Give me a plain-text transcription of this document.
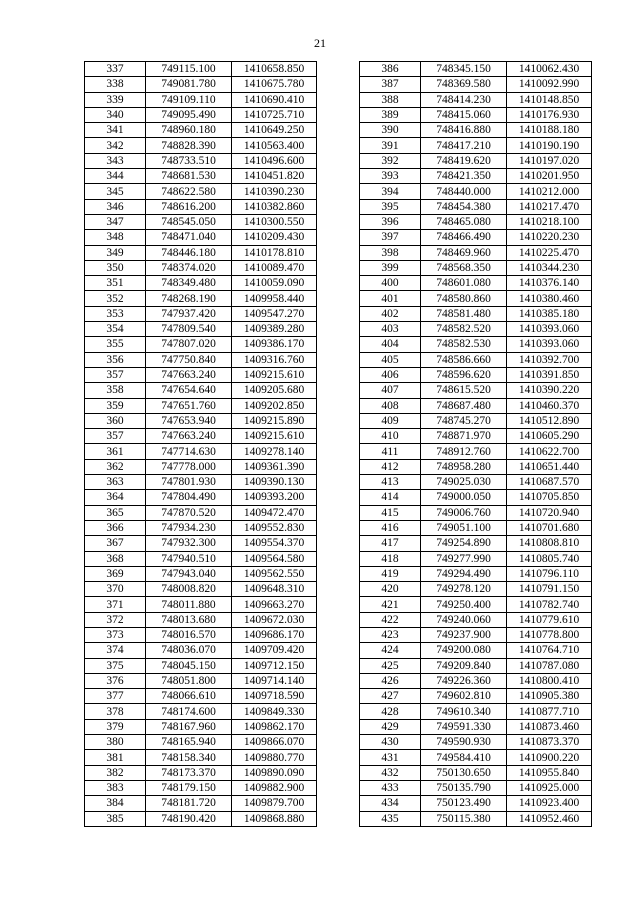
21
337	749115.100	1410658.850
338	749081.780	1410675.780
339	749109.110	1410690.410
340	749095.490	1410725.710
341	748960.180	1410649.250
342	748828.390	1410563.400
343	748733.510	1410496.600
344	748681.530	1410451.820
345	748622.580	1410390.230
346	748616.200	1410382.860
347	748545.050	1410300.550
348	748471.040	1410209.430
349	748446.180	1410178.810
350	748374.020	1410089.470
351	748349.480	1410059.090
352	748268.190	1409958.440
353	747937.420	1409547.270
354	747809.540	1409389.280
355	747807.020	1409386.170
356	747750.840	1409316.760
357	747663.240	1409215.610
358	747654.640	1409205.680
359	747651.760	1409202.850
360	747653.940	1409215.890
357	747663.240	1409215.610
361	747714.630	1409278.140
362	747778.000	1409361.390
363	747801.930	1409390.130
364	747804.490	1409393.200
365	747870.520	1409472.470
366	747934.230	1409552.830
367	747932.300	1409554.370
368	747940.510	1409564.580
369	747943.040	1409562.550
370	748008.820	1409648.310
371	748011.880	1409663.270
372	748013.680	1409672.030
373	748016.570	1409686.170
374	748036.070	1409709.420
375	748045.150	1409712.150
376	748051.800	1409714.140
377	748066.610	1409718.590
378	748174.600	1409849.330
379	748167.960	1409862.170
380	748165.940	1409866.070
381	748158.340	1409880.770
382	748173.370	1409890.090
383	748179.150	1409882.900
384	748181.720	1409879.700
385	748190.420	1409868.880
386	748345.150	1410062.430
387	748369.580	1410092.990
388	748414.230	1410148.850
389	748415.060	1410176.930
390	748416.880	1410188.180
391	748417.210	1410190.190
392	748419.620	1410197.020
393	748421.350	1410201.950
394	748440.000	1410212.000
395	748454.380	1410217.470
396	748465.080	1410218.100
397	748466.490	1410220.230
398	748469.960	1410225.470
399	748568.350	1410344.230
400	748601.080	1410376.140
401	748580.860	1410380.460
402	748581.480	1410385.180
403	748582.520	1410393.060
404	748582.530	1410393.060
405	748586.660	1410392.700
406	748596.620	1410391.850
407	748615.520	1410390.220
408	748687.480	1410460.370
409	748745.270	1410512.890
410	748871.970	1410605.290
411	748912.760	1410622.700
412	748958.280	1410651.440
413	749025.030	1410687.570
414	749000.050	1410705.850
415	749006.760	1410720.940
416	749051.100	1410701.680
417	749254.890	1410808.810
418	749277.990	1410805.740
419	749294.490	1410796.110
420	749278.120	1410791.150
421	749250.400	1410782.740
422	749240.060	1410779.610
423	749237.900	1410778.800
424	749200.080	1410764.710
425	749209.840	1410787.080
426	749226.360	1410800.410
427	749602.810	1410905.380
428	749610.340	1410877.710
429	749591.330	1410873.460
430	749590.930	1410873.370
431	749584.410	1410900.220
432	750130.650	1410955.840
433	750135.790	1410925.000
434	750123.490	1410923.400
435	750115.380	1410952.460
